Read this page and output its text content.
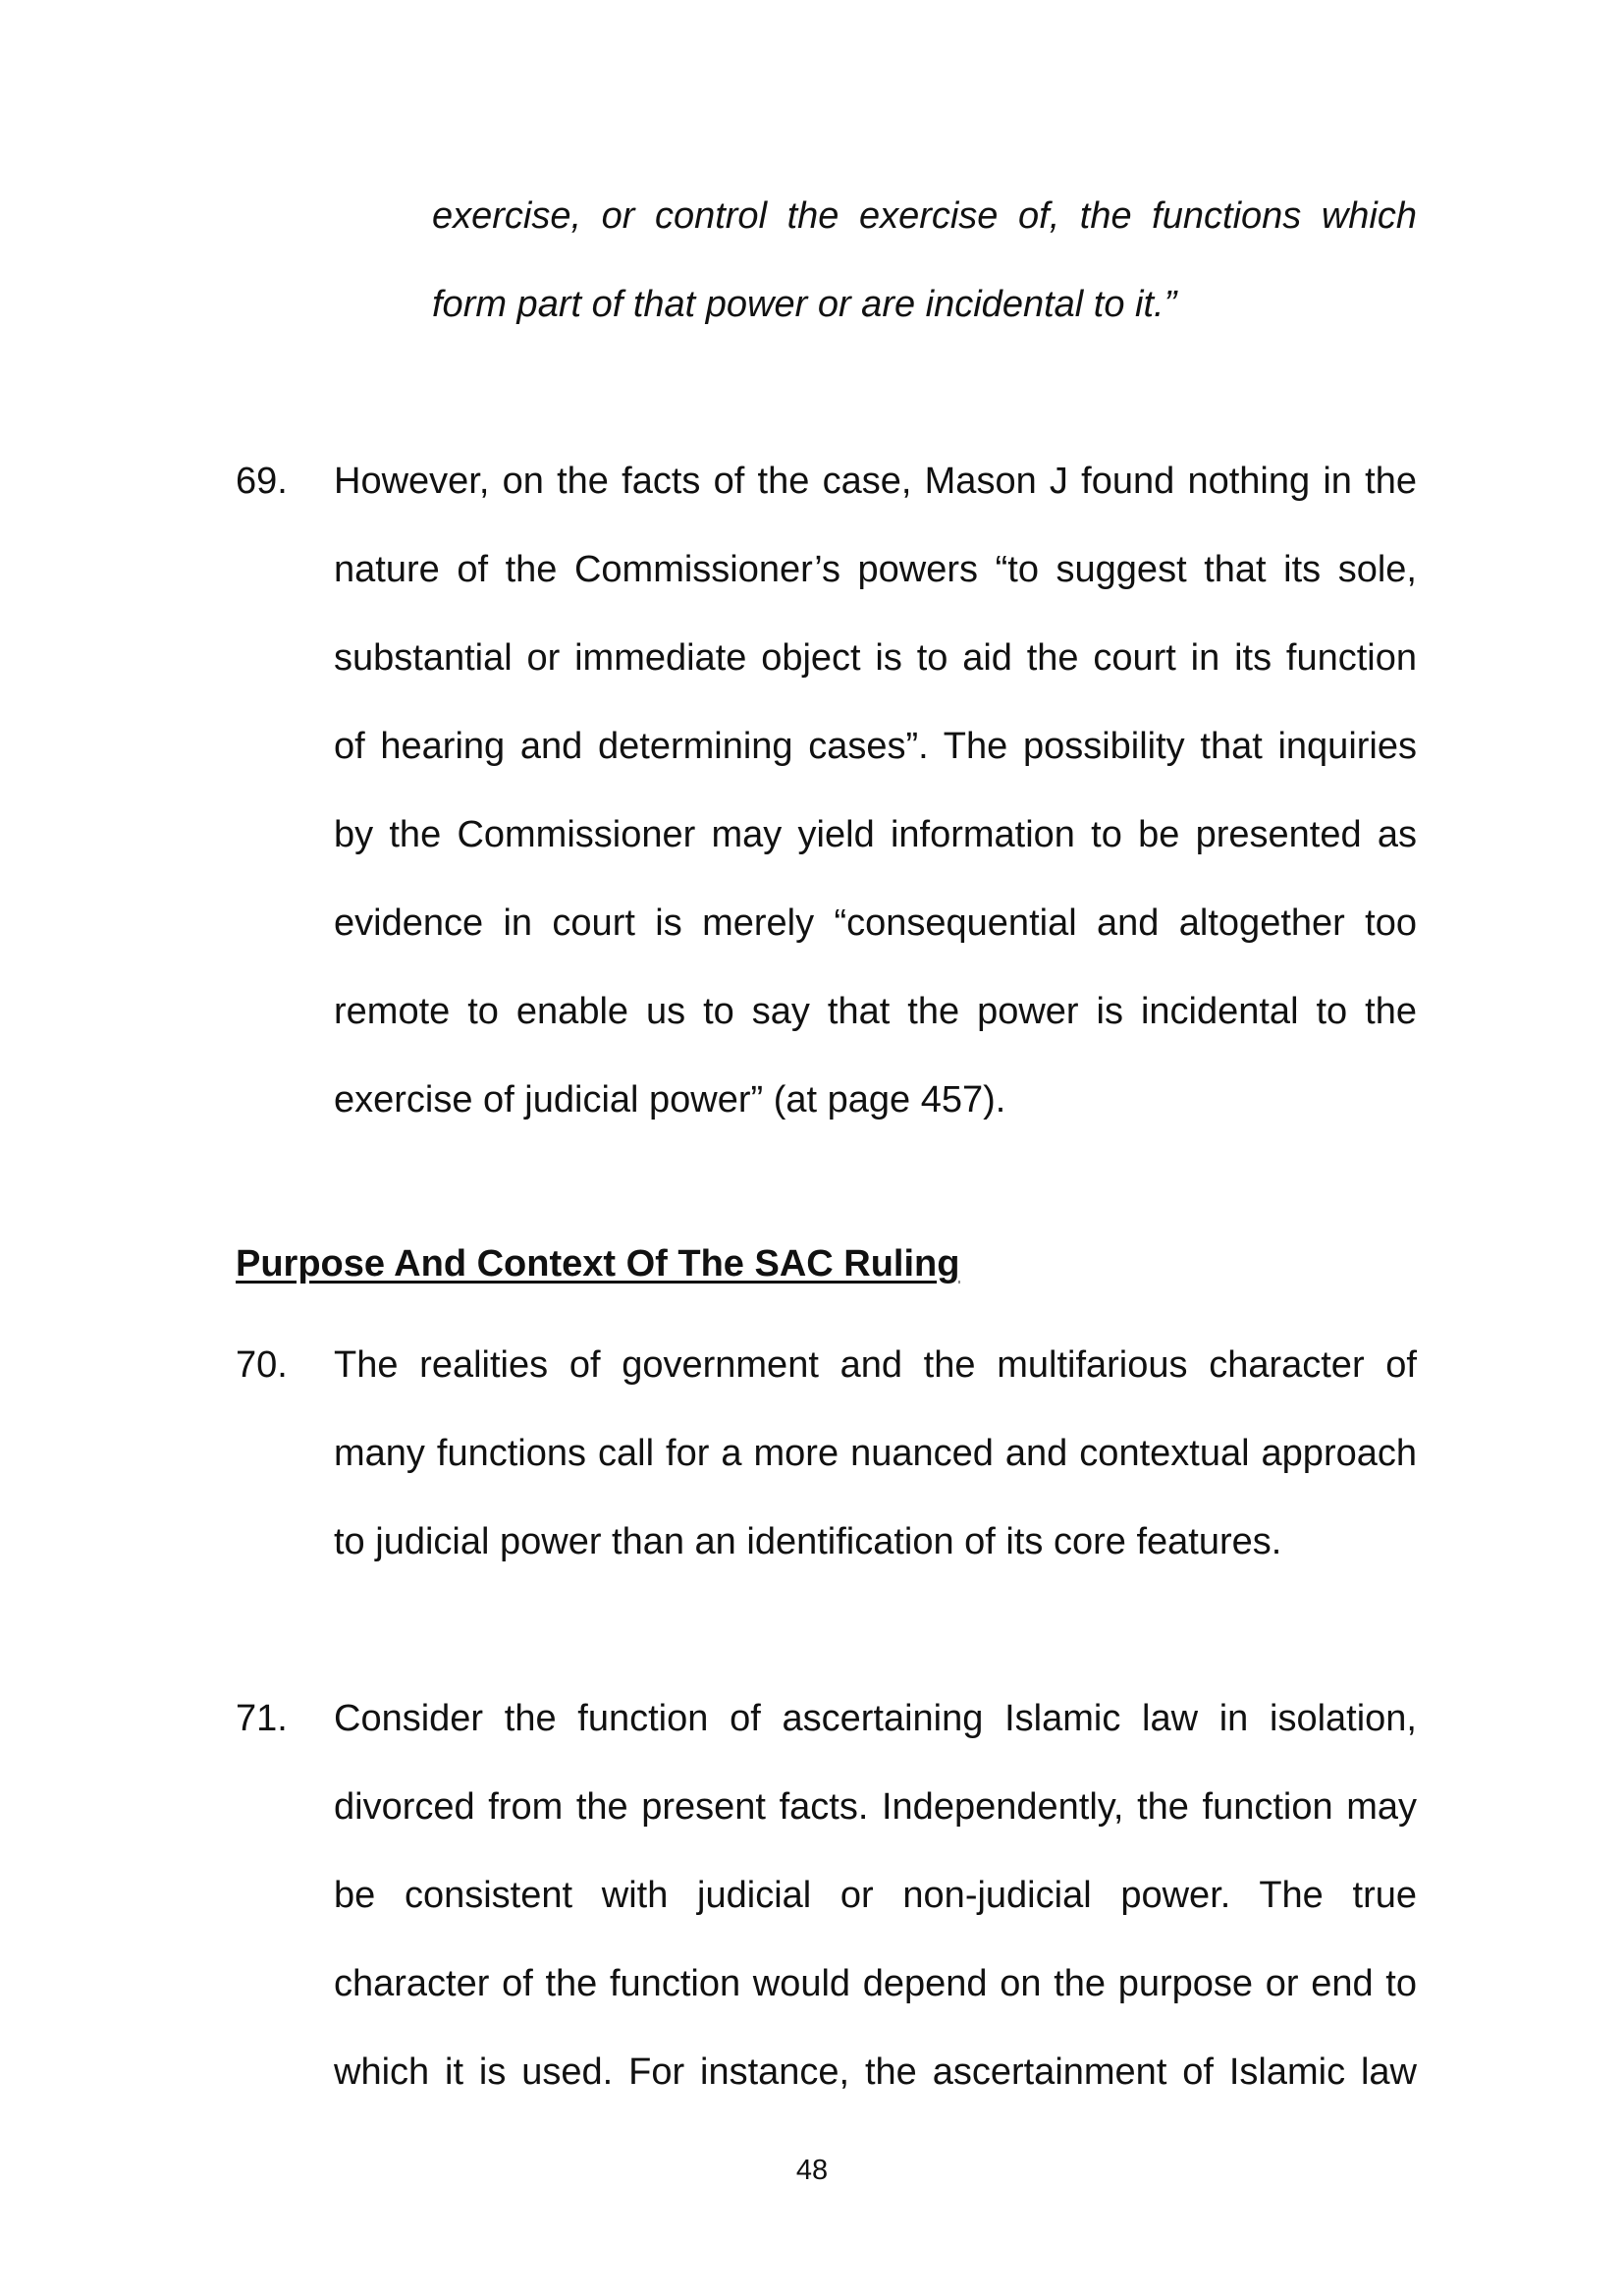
exercise, or control the exercise of, the functions which
form part of that power or are incidental to it.”
69. However, on the facts of the case, Mason J found nothing in the
nature of the Commissioner’s powers “to suggest that its sole,
substantial or immediate object is to aid the court in its function
of hearing and determining cases”. The possibility that inquiries
by the Commissioner may yield information to be presented as
evidence in court is merely “consequential and altogether too
remote to enable us to say that the power is incidental to the
exercise of judicial power” (at page 457).
Purpose And Context Of The SAC Ruling
70. The realities of government and the multifarious character of
many functions call for a more nuanced and contextual approach
to judicial power than an identification of its core features.
71. Consider the function of ascertaining Islamic law in isolation,
divorced from the present facts. Independently, the function may
be consistent with judicial or non-judicial power. The true
character of the function would depend on the purpose or end to
which it is used. For instance, the ascertainment of Islamic law
48
